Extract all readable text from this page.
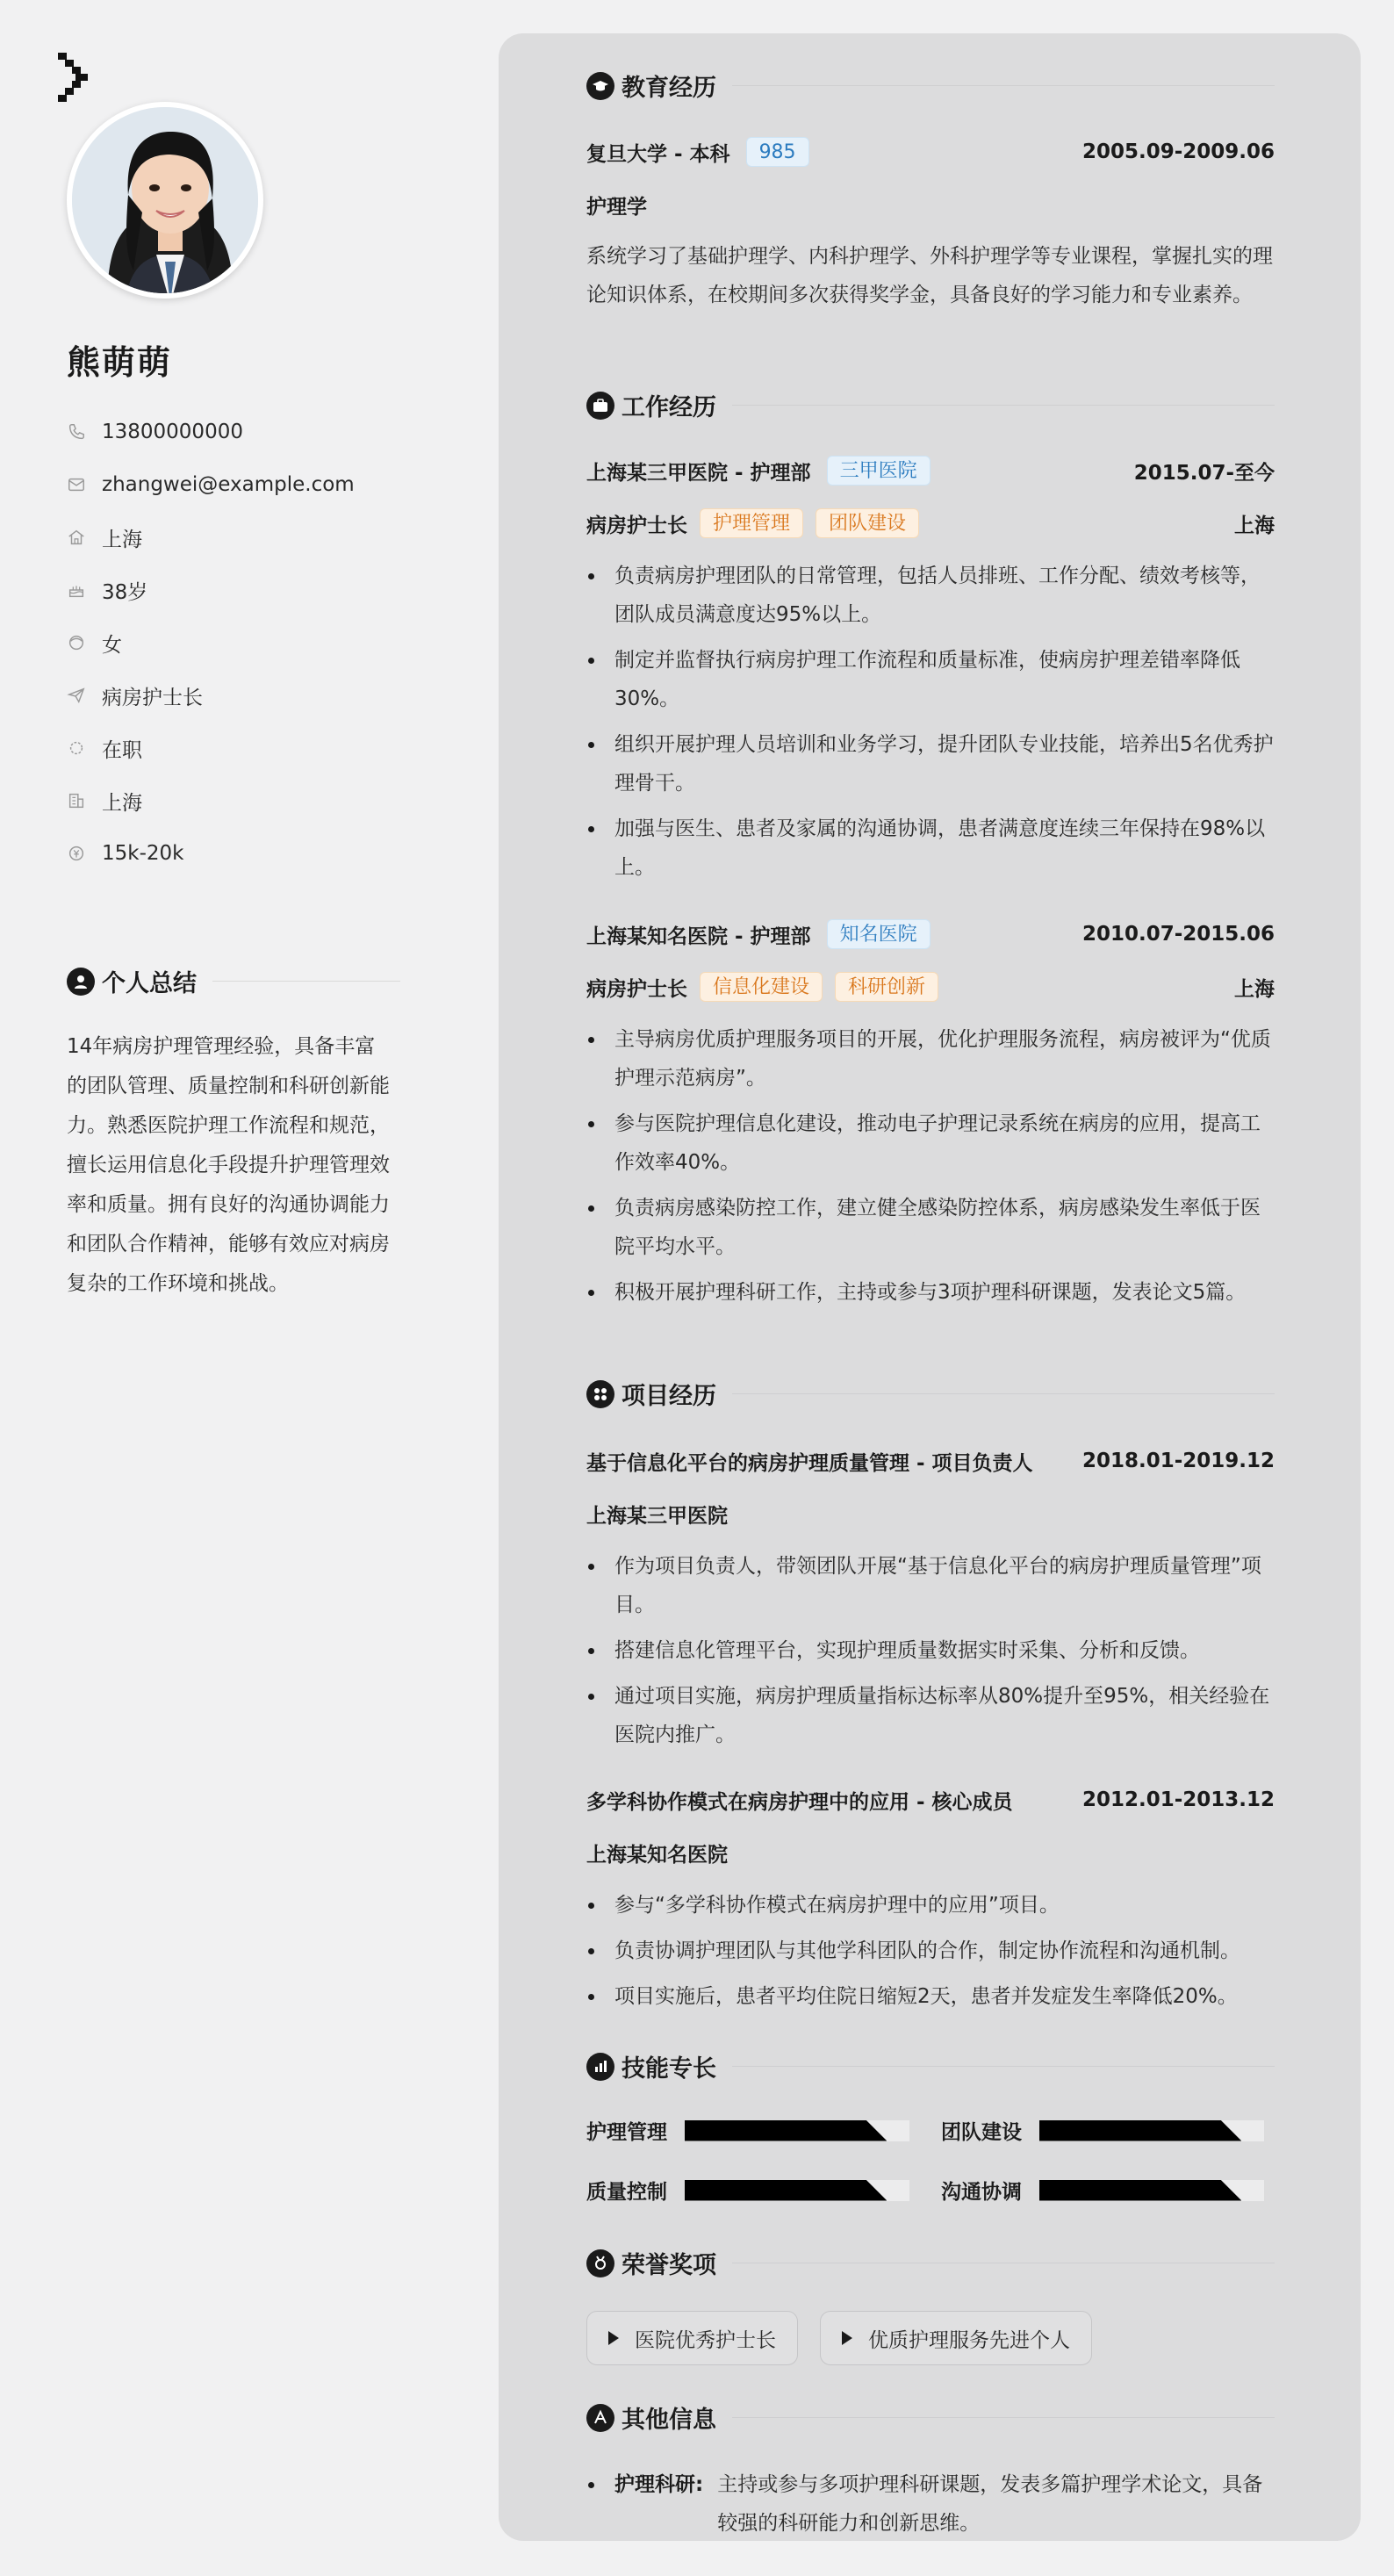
熊萌萌
13800000000
zhangwei@example.com
上海
38岁
女
病房护士长
在职
上海
15k-20k
个人总结

14年病房护理管理经验，具备丰富的团队管理、质量控制和科研创新能力。熟悉医院护理工作流程和规范，擅长运用信息化手段提升护理管理效率和质量。拥有良好的沟通协调能力和团队合作精神，能够有效应对病房复杂的工作环境和挑战。

教育经历
复旦大学 - 本科	985	2005.09-2009.06
护理学

系统学习了基础护理学、内科护理学、外科护理学等专业课程，掌握扎实的理论知识体系，在校期间多次获得奖学金，具备良好的学习能力和专业素养。

工作经历
上海某三甲医院 - 护理部	三甲医院	2015.07-至今
病房护士长	护理管理	团队建设	上海
负责病房护理团队的日常管理，包括人员排班、工作分配、绩效考核等，团队成员满意度达95%以上。
制定并监督执行病房护理工作流程和质量标准，使病房护理差错率降低30%。
组织开展护理人员培训和业务学习，提升团队专业技能，培养出5名优秀护理骨干。
加强与医生、患者及家属的沟通协调，患者满意度连续三年保持在98%以上。
上海某知名医院 - 护理部	知名医院	2010.07-2015.06
病房护士长	信息化建设	科研创新	上海
主导病房优质护理服务项目的开展，优化护理服务流程，病房被评为“优质护理示范病房”。
参与医院护理信息化建设，推动电子护理记录系统在病房的应用，提高工作效率40%。
负责病房感染防控工作，建立健全感染防控体系，病房感染发生率低于医院平均水平。
积极开展护理科研工作，主持或参与3项护理科研课题，发表论文5篇。
项目经历
基于信息化平台的病房护理质量管理 - 项目负责人 2018.01-2019.12
上海某三甲医院
作为项目负责人，带领团队开展“基于信息化平台的病房护理质量管理”项目。
搭建信息化管理平台，实现护理质量数据实时采集、分析和反馈。
通过项目实施，病房护理质量指标达标率从80%提升至95%，相关经验在医院内推广。
多学科协作模式在病房护理中的应用 - 核心成员	2012.01-2013.12
上海某知名医院
参与“多学科协作模式在病房护理中的应用”项目。
负责协调护理团队与其他学科团队的合作，制定协作流程和沟通机制。
项目实施后，患者平均住院日缩短2天，患者并发症发生率降低20%。
技能专长
护理管理	团队建设
质量控制	沟通协调
荣誉奖项
医院优秀护士长	优质护理服务先进个人
其他信息
护理科研: 主持或参与多项护理科研课题，发表多篇护理学术论文，具备较强的科研能力和创新思维。
